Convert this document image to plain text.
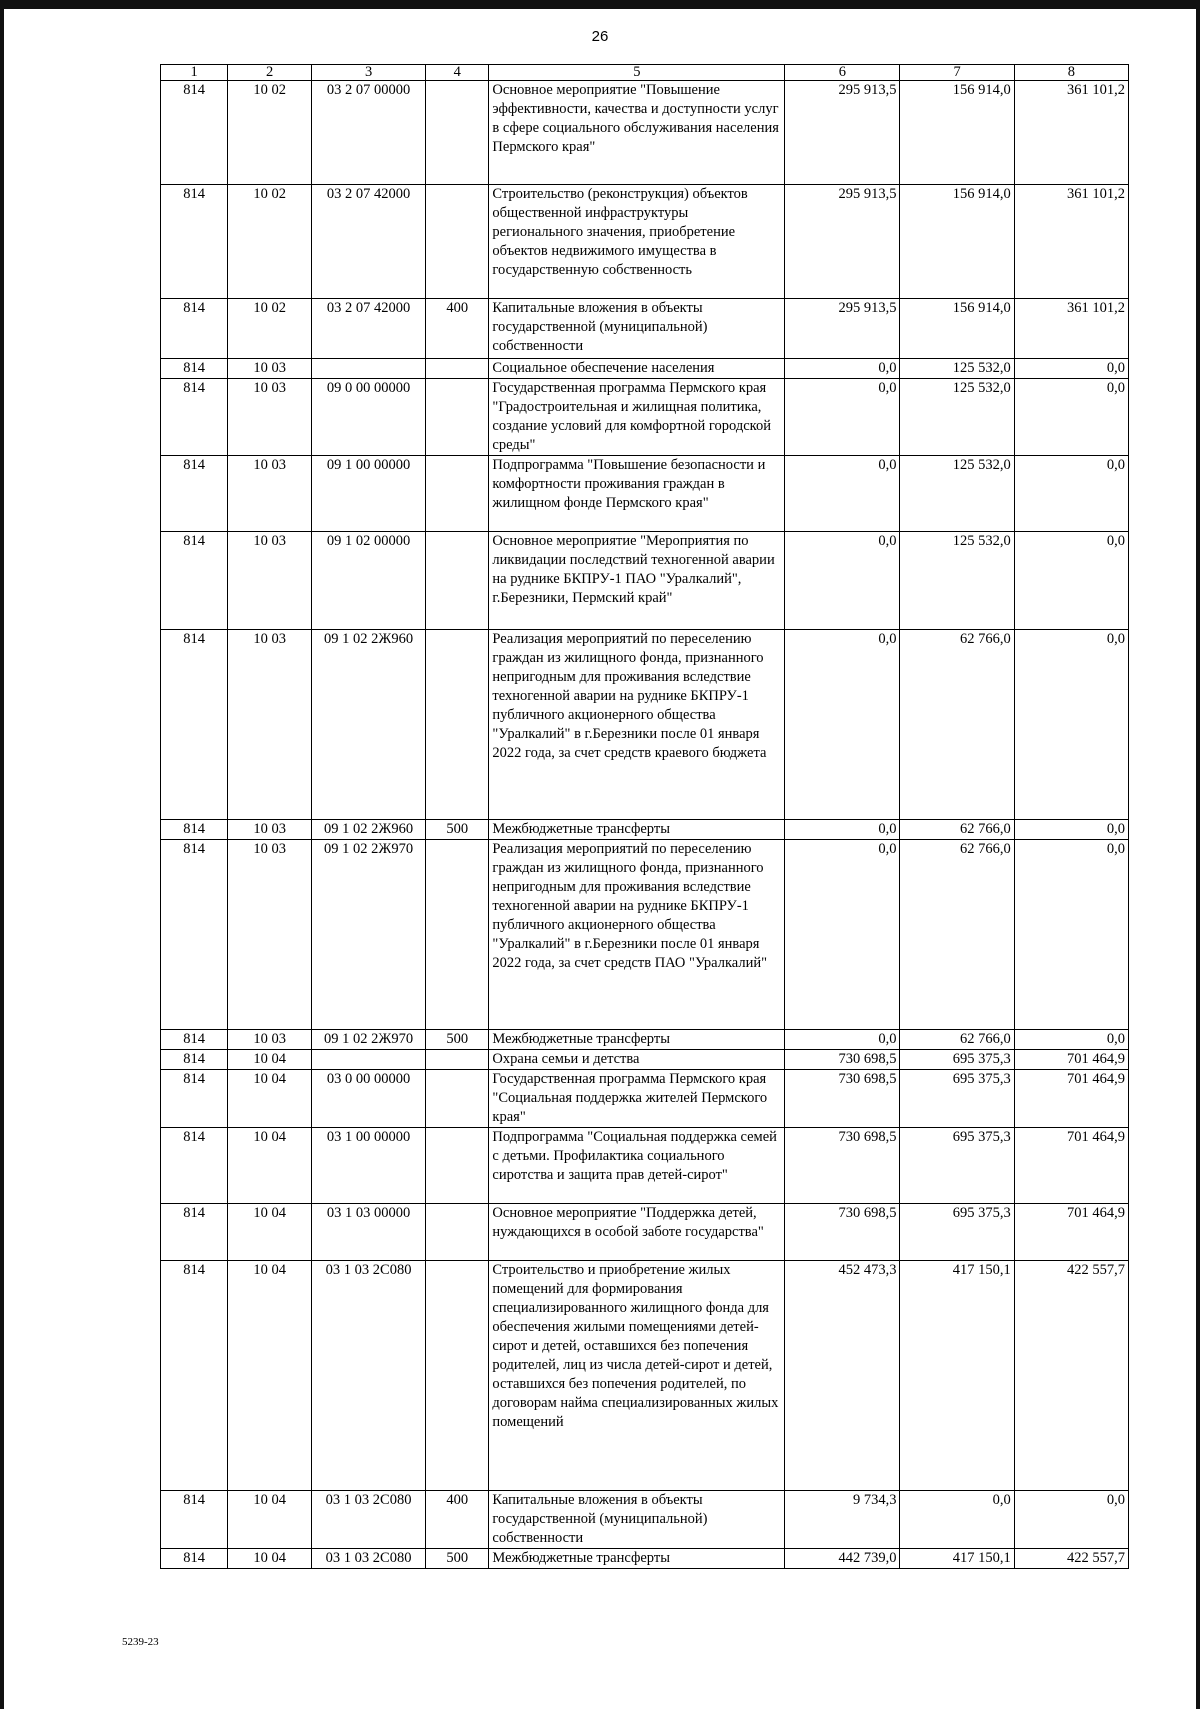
26
1	2	3	4	5	6	7	8
814	10 02	03 2 07 00000		Основное мероприятие "Повышение эффективности, качества и доступности услуг в сфере социального обслуживания населения Пермского края"	295 913,5	156 914,0	361 101,2
814	10 02	03 2 07 42000		Строительство (реконструкция) объектов общественной инфраструктуры регионального значения, приобретение объектов недвижимого имущества в государственную собственность	295 913,5	156 914,0	361 101,2
814	10 02	03 2 07 42000	400	Капитальные вложения в объекты государственной (муниципальной) собственности	295 913,5	156 914,0	361 101,2
814	10 03			Социальное обеспечение населения	0,0	125 532,0	0,0
814	10 03	09 0 00 00000		Государственная программа Пермского края "Градостроительная и жилищная политика, создание условий для комфортной городской среды"	0,0	125 532,0	0,0
814	10 03	09 1 00 00000		Подпрограмма "Повышение безопасности и комфортности проживания граждан в жилищном фонде Пермского края"	0,0	125 532,0	0,0
814	10 03	09 1 02 00000		Основное мероприятие "Мероприятия по ликвидации последствий техногенной аварии на руднике БКПРУ-1 ПАО "Уралкалий", г.Березники, Пермский край"	0,0	125 532,0	0,0
814	10 03	09 1 02 2Ж960		Реализация мероприятий по переселению граждан из жилищного фонда, признанного непригодным для проживания вследствие техногенной аварии на руднике БКПРУ-1 публичного акционерного общества "Уралкалий" в г.Березники после 01 января 2022 года, за счет средств краевого бюджета	0,0	62 766,0	0,0
814	10 03	09 1 02 2Ж960	500	Межбюджетные трансферты	0,0	62 766,0	0,0
814	10 03	09 1 02 2Ж970		Реализация мероприятий по переселению граждан из жилищного фонда, признанного непригодным для проживания вследствие техногенной аварии на руднике БКПРУ-1 публичного акционерного общества "Уралкалий" в г.Березники после 01 января 2022 года, за счет средств ПАО "Уралкалий"	0,0	62 766,0	0,0
814	10 03	09 1 02 2Ж970	500	Межбюджетные трансферты	0,0	62 766,0	0,0
814	10 04			Охрана семьи и детства	730 698,5	695 375,3	701 464,9
814	10 04	03 0 00 00000		Государственная программа Пермского края "Социальная поддержка жителей Пермского края"	730 698,5	695 375,3	701 464,9
814	10 04	03 1 00 00000		Подпрограмма "Социальная поддержка семей с детьми. Профилактика социального сиротства и защита прав детей-сирот"	730 698,5	695 375,3	701 464,9
814	10 04	03 1 03 00000		Основное мероприятие "Поддержка детей, нуждающихся в особой заботе государства"	730 698,5	695 375,3	701 464,9
814	10 04	03 1 03 2С080		Строительство и приобретение жилых помещений для формирования специализированного жилищного фонда для обеспечения жилыми помещениями детей-сирот и детей, оставшихся без попечения родителей, лиц из числа детей-сирот и детей, оставшихся без попечения родителей, по договорам найма специализированных жилых помещений	452 473,3	417 150,1	422 557,7
814	10 04	03 1 03 2С080	400	Капитальные вложения в объекты государственной (муниципальной) собственности	9 734,3	0,0	0,0
814	10 04	03 1 03 2С080	500	Межбюджетные трансферты	442 739,0	417 150,1	422 557,7
5239-23
